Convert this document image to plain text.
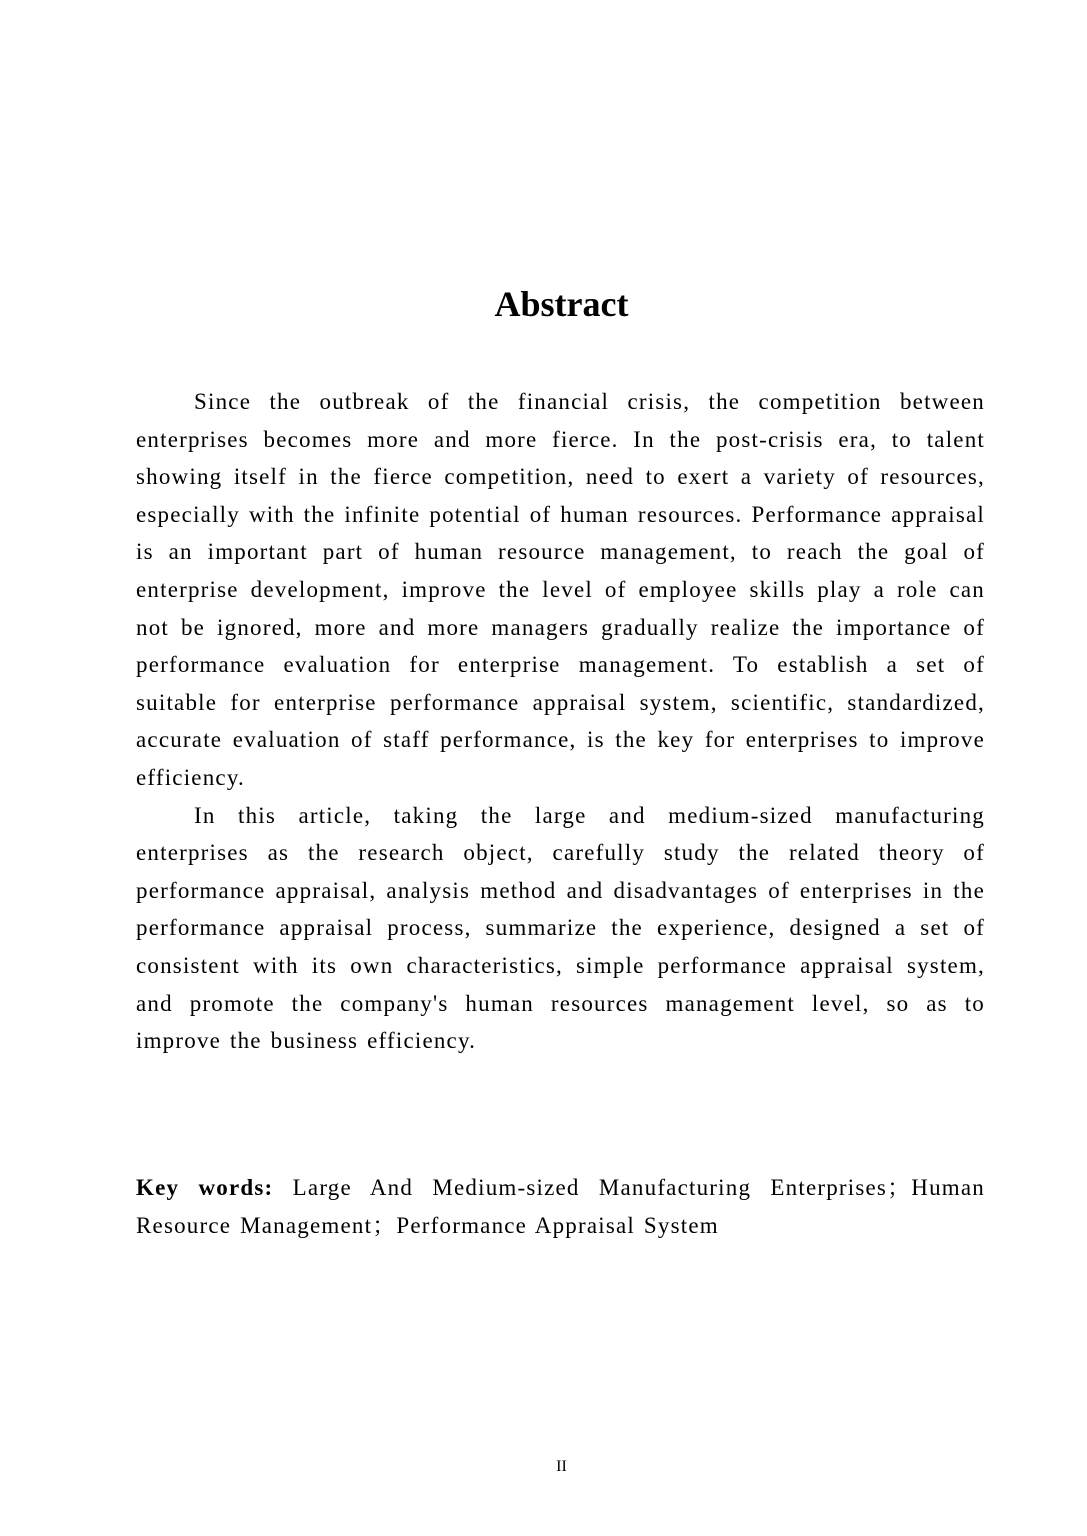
Abstract

Since the outbreak of the financial crisis, the competition between enterprises becomes more and more fierce. In the post-crisis era, to talent showing itself in the fierce competition, need to exert a variety of resources, especially with the infinite potential of human resources. Performance appraisal is an important part of human resource management, to reach the goal of enterprise development, improve the level of employee skills play a role can not be ignored, more and more managers gradually realize the importance of performance evaluation for enterprise management. To establish a set of suitable for enterprise performance appraisal system, scientific, standardized, accurate evaluation of staff performance, is the key for enterprises to improve efficiency.

In this article, taking the large and medium-sized manufacturing enterprises as the research object, carefully study the related theory of performance appraisal, analysis method and disadvantages of enterprises in the performance appraisal process, summarize the experience, designed a set of consistent with its own characteristics, simple performance appraisal system, and promote the company's human resources management level, so as to improve the business efficiency.

Key words: Large And Medium-sized Manufacturing Enterprises；Human Resource Management；Performance Appraisal System

II
